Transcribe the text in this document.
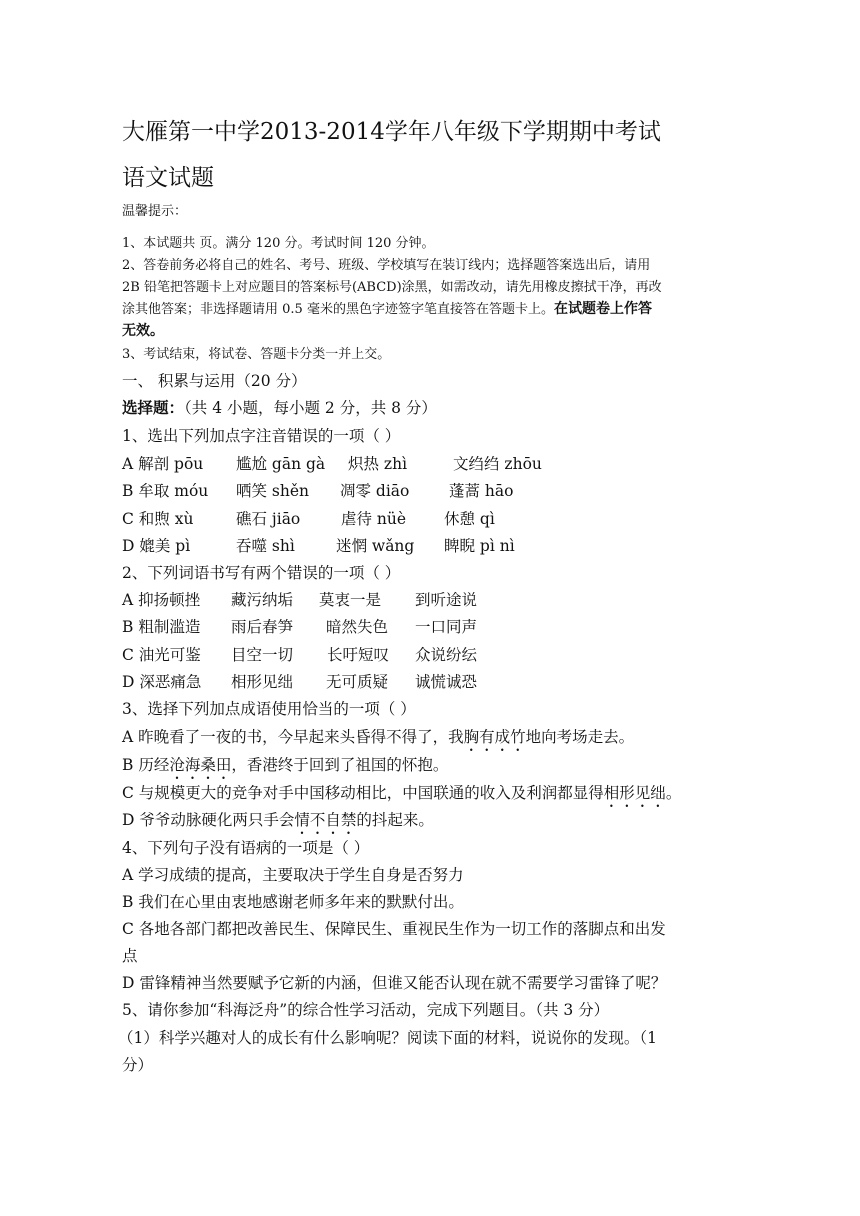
大雁第一中学2013-2014学年八年级下学期期中考试
语文试题
温馨提示：
1、本试题共 页。满分 120 分。考试时间 120 分钟。
2、答卷前务必将自己的姓名、考号、班级、学校填写在装订线内；选择题答案选出后，请用
2B 铅笔把答题卡上对应题目的答案标号(ABCD)涂黑，如需改动，请先用橡皮擦拭干净，再改
涂其他答案；非选择题请用 0.5 毫米的黑色字迹签字笔直接答在答题卡上。在试题卷上作答
无效。
3、考试结束，将试卷、答题卡分类一并上交。
一、 积累与运用（20 分）
选择题：（共 4 小题，每小题 2 分，共 8 分）
1、选出下列加点字注音错误的一项（ ）
A 解剖 pōu 尴尬 gān gà 炽热 zhì	文绉绉 zhōu
B 牟取 móu 哂笑 shěn 凋零 diāo	蓬蒿 hāo
C 和煦 xù	礁石 jiāo	虐待 nüè 休憩 qì
D 媲美 pì	吞噬 shì	迷惘 wǎng 睥睨 pì nì
2、下列词语书写有两个错误的一项（ ）
A 抑扬顿挫 藏污纳垢 莫衷一是 到听途说
B 粗制滥造 雨后春笋 暗然失色 一口同声
C 油光可鉴 目空一切 长吁短叹 众说纷纭
D 深恶痛急 相形见绌 无可质疑 诚慌诚恐
3、选择下列加点成语使用恰当的一项（ ）
A 昨晚看了一夜的书，今早起来头昏得不得了，我胸有成竹地向考场走去。
B 历经沧海桑田，香港终于回到了祖国的怀抱。
C 与规模更大的竞争对手中国移动相比，中国联通的收入及利润都显得相形见绌。
D 爷爷动脉硬化两只手会情不自禁的抖起来。
4、下列句子没有语病的一项是（ ）
A 学习成绩的提高，主要取决于学生自身是否努力
B 我们在心里由衷地感谢老师多年来的默默付出。
C 各地各部门都把改善民生、保障民生、重视民生作为一切工作的落脚点和出发
点
D 雷锋精神当然要赋予它新的内涵，但谁又能否认现在就不需要学习雷锋了呢？
5、请你参加“科海泛舟”的综合性学习活动，完成下列题目。（共 3 分）
（1）科学兴趣对人的成长有什么影响呢？阅读下面的材料，说说你的发现。（1
分）
